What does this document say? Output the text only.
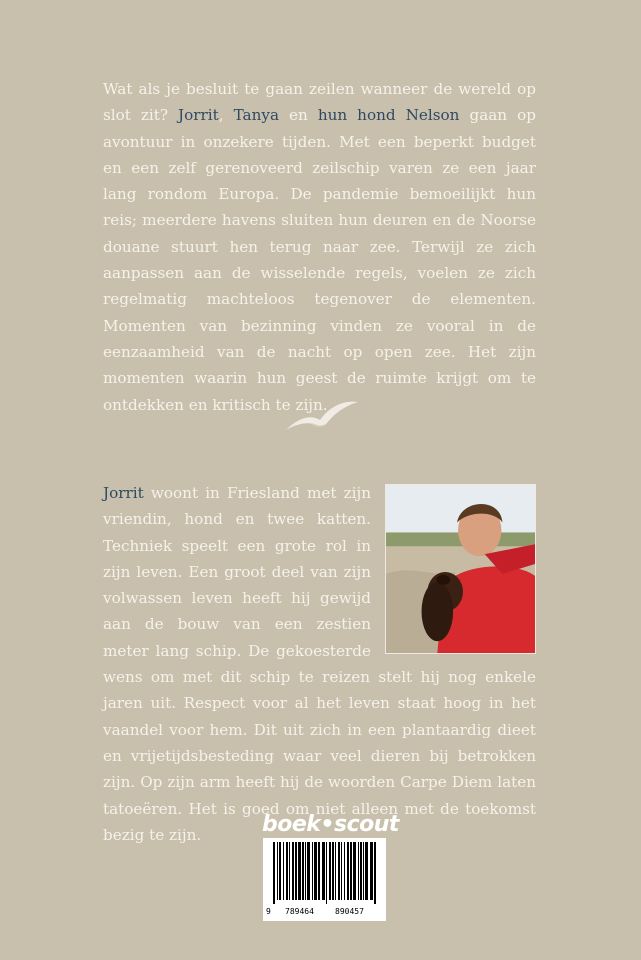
Wat als je besluit te gaan zeilen wanneer de wereld op slot zit? Jorrit, Tanya en hun hond Nelson gaan op avontuur in onzekere tijden. Met een beperkt budget en een zelf gerenoveerd zeilschip varen ze een jaar lang rondom Europa. De pandemie bemoeilijkt hun reis; meerdere havens sluiten hun deuren en de Noorse douane stuurt hen terug naar zee. Terwijl ze zich aanpassen aan de wisselende regels, voelen ze zich regelmatig machteloos tegenover de elementen. Momenten van bezinning vinden ze vooral in de eenzaamheid van de nacht op open zee. Het zijn momenten waarin hun geest de ruimte krijgt om te ontdekken en kritisch te zijn.

Jorrit woont in Friesland met zijn vriendin, hond en twee katten. Techniek speelt een grote rol in zijn leven. Een groot deel van zijn volwassen leven heeft hij gewijd aan de bouw van een zestien meter lang schip. De gekoesterde wens om met dit schip te reizen stelt hij nog enkele jaren uit. Respect voor al het leven staat hoog in het vaandel voor hem. Dit uit zich in een plantaardig dieet en vrijetijdsbesteding waar veel dieren bij betrokken zijn. Op zijn arm heeft hij de woorden Carpe Diem laten tatoeëren. Het is goed om niet alleen met de toekomst bezig te zijn.	boek•scout
9 789464	890457
